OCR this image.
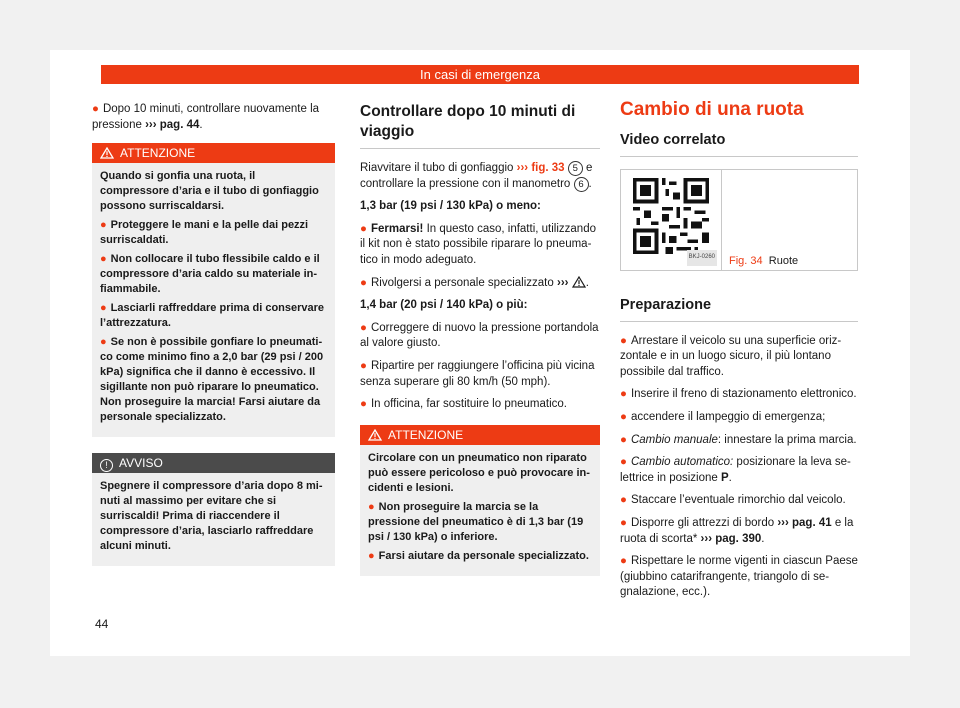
In casi di emergenza

● Dopo 10 minuti, controllare nuovamente la pressione ››› pag. 44.

ATTENZIONE

Quando si gonfia una ruota, il compressore d’aria e il tubo di gonfiaggio possono surriscaldarsi.

● Proteggere le mani e la pelle dai pezzi surriscaldati.

● Non collocare il tubo flessibile caldo e il compressore d’aria caldo su materiale infiammabile.

● Lasciarli raffreddare prima di conservare l’attrezzatura.

● Se non è possibile gonfiare lo pneumatico come minimo fino a 2,0 bar (29 psi / 200 kPa) significa che il danno è eccessivo. Il sigillante non può riparare lo pneumatico. Non proseguire la marcia! Farsi aiutare da personale specializzato.

! AVVISO

Spegnere il compressore d’aria dopo 8 minuti al massimo per evitare che si surriscaldi! Prima di riaccendere il compressore d’aria, lasciarlo raffreddare alcuni minuti.

Controllare dopo 10 minuti di viaggio

Riavvitare il tubo di gonfiaggio ››› fig. 33 5 e controllare la pressione con il manometro 6 .

1,3 bar (19 psi / 130 kPa) o meno:

● Fermarsi! In questo caso, infatti, utilizzando il kit non è stato possibile riparare lo pneumatico in modo adeguato.

● Rivolgersi a personale specializzato ››› .

1,4 bar (20 psi / 140 kPa) o più:

● Correggere di nuovo la pressione portandola al valore giusto.

● Ripartire per raggiungere l’officina più vicina senza superare gli 80 km/h (50 mph).

● In officina, far sostituire lo pneumatico.

ATTENZIONE

Circolare con un pneumatico non riparato può essere pericoloso e può provocare incidenti e lesioni.

● Non proseguire la marcia se la pressione del pneumatico è di 1,3 bar (19 psi / 130 kPa) o inferiore.

● Farsi aiutare da personale specializzato.

Cambio di una ruota
Video correlato
BKJ-0260 Fig. 34 Ruote
Preparazione

● Arrestare il veicolo su una superficie orizzontale e in un luogo sicuro, il più lontano possibile dal traffico.

● Inserire il freno di stazionamento elettronico.

● accendere il lampeggio di emergenza;

● Cambio manuale: innestare la prima marcia.

● Cambio automatico: posizionare la leva selettrice in posizione P.

● Staccare l’eventuale rimorchio dal veicolo.

● Disporre gli attrezzi di bordo ››› pag. 41 e la ruota di scorta* ››› pag. 390.

● Rispettare le norme vigenti in ciascun Paese (giubbino catarifrangente, triangolo di segnalazione, ecc.).

44
